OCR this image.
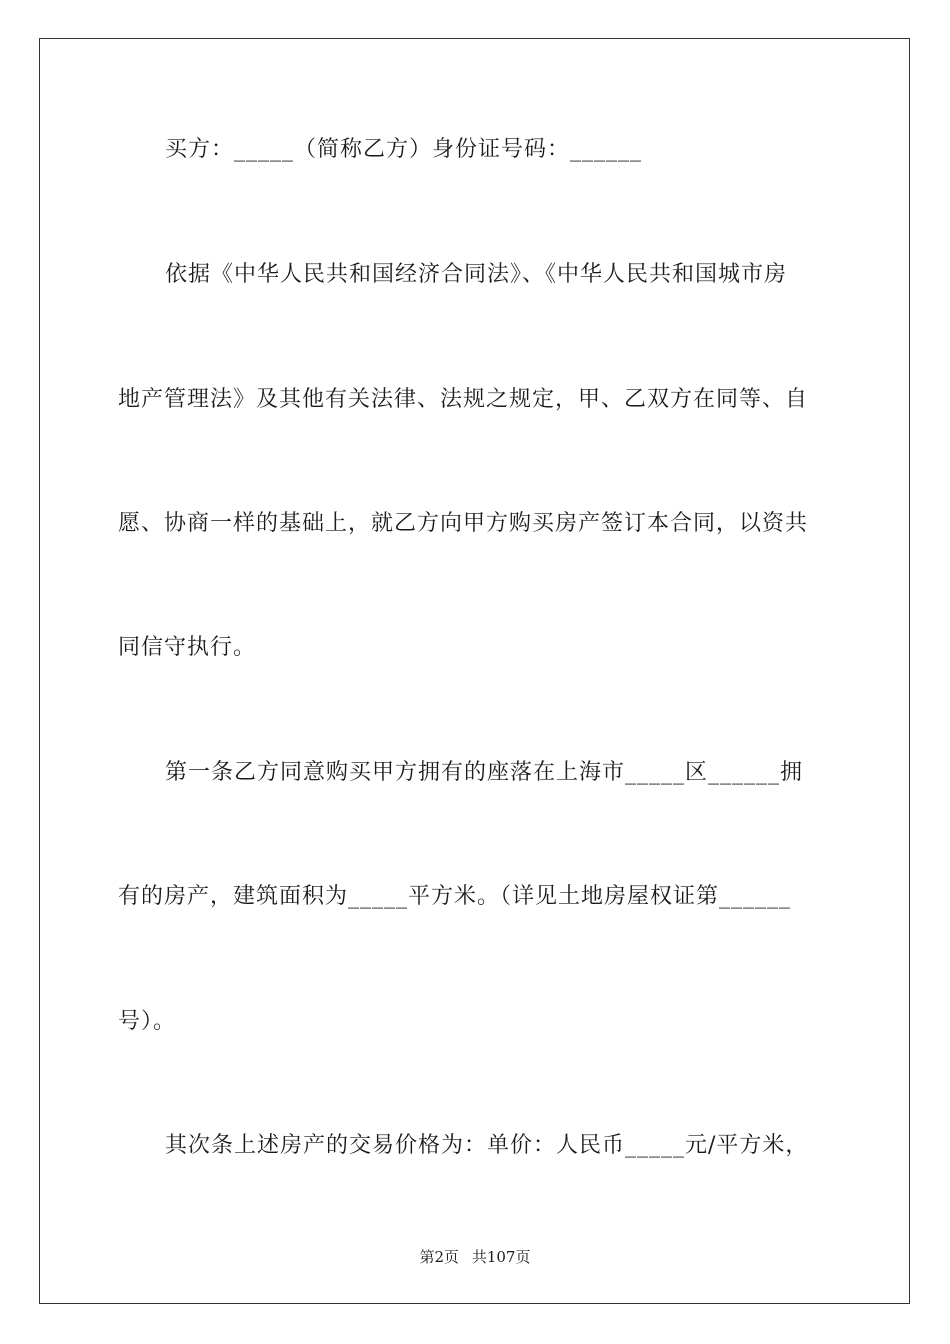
买方：_____（简称乙方）身份证号码：______
依据《中华人民共和国经济合同法》、《中华人民共和国城市房
地产管理法》及其他有关法律、法规之规定，甲、乙双方在同等、自
愿、协商一样的基础上，就乙方向甲方购买房产签订本合同，以资共
同信守执行。
第一条乙方同意购买甲方拥有的座落在上海市_____区______拥
有的房产，建筑面积为_____平方米。（详见土地房屋权证第______
号）。
其次条上述房产的交易价格为：单价：人民币_____元/平方米，
第2页 共107页
